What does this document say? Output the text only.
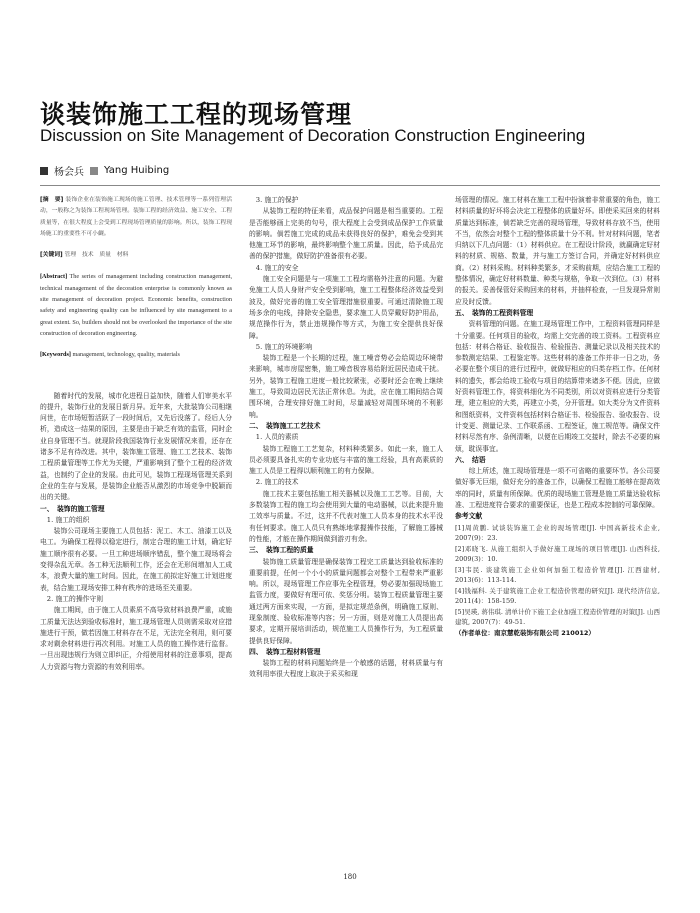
谈装饰施工工程的现场管理
Discussion on Site Management of Decoration Construction Engineering
杨会兵 Yang Huibing
[摘　要] 装饰企业在装饰施工现场的施工管理、技术管理等一系列管理活动，一般称之为装饰工程现场管理。装饰工程的经济效益、施工安全、工程质量等，在很大程度上会受到工程现场管理质量的影响。所以，装饰工程现场施工的重要性不可小觑。
[关键词] 管理　技术　质量　材料
[Abstract] The series of management including construction management, technical management of the decoration enterprise is commonly known as site management of decoration project. Economic benefits, construction safety and engineering quality can be influenced by site management to a great extent. So, builders should not be overlooked the importance of the site construction of decoration engineering.
[Keywords] management, technology, quality, materials
随着时代的发展，城市化进程日益加快，随着人们审美水平的提升，装饰行业的发展日新月异。近年来，大批装饰公司相继问世，在市场短暂活跃了一段时间后，又先后没落了。经后人分析，造成这一结果的原因，主要是由于缺乏有效的监管，同时企业自身管理不当。就现阶段我国装饰行业发展情况来看，还存在诸多不足有待改进。其中，装饰施工管理、施工工艺技术、装饰工程质量管理等工作尤为关键，严重影响到了整个工程的经济效益，也制约了企业的发展。由此可见，装饰工程现场管理关系到企业的生存与发展，是装饰企业能否从激烈的市场竞争中脱颖而出的关键。
一、　装饰的施工管理
1. 施工的组织
装饰公司现场主要施工人员包括：泥工、木工、油漆工以及电工。为确保工程得以稳定进行，制定合理的施工计划，确定好施工顺序很有必要。一旦工种进场顺序错乱，整个施工现场将会变得杂乱无章。各工种无法顺利工作，还会在无形间增加人工成本，浪费大量的施工时间。因此，在施工前拟定好施工计划进度表，结合施工现场安排工种有秩序的进场至关重要。
2. 施工的操作守则
施工期间，由于施工人员素质不高导致材料浪费严重，或施工质量无法达到验收标准时，施工现场管理人员则需采取对应措施进行干预，做若因施工材料存在不足，无法完全利用，则可要求对剩余材料进行再次利用。对施工人员的施工操作进行监督。一旦出现违规行为则立即纠正，介绍使用材料的注意事项，提高人力资源与物力资源的有效利用率。
3. 施工的保护
从装饰工程的特征来看，成品保护问题是相当重要的。工程是否能够画上完美的句号，很大程度上会受到成品保护工作质量的影响。倘若施工完成的成品未获得良好的保护，难免会受到其他施工环节的影响，最终影响整个施工质量。因此，给予成品完善的保护措施，做好防护准备很有必要。
4. 施工的安全
施工安全问题是与一项施工工程均需格外注意的问题。为避免施工人员人身财产安全受到影响，施工工程整体经济效益受到波及，做好完善的施工安全管理措施很重要。可通过清除施工现场多余的电线，排除安全隐患，要求施工人员穿戴好防护用品，规范操作行为，禁止违规操作等方式，为施工安全提供良好保障。
5. 施工的环境影响
装饰工程是一个长期的过程，施工噪音势必会给周边环境带来影响，城市房屋密集，施工噪音极容易给附近居民造成干扰。另外，装饰工程施工进度一般比较紧张，必要时还会在晚上继续施工，导致周边居民无法正常休息。为此，应在施工期间结合周围环境，合理安排好施工时间，尽量减轻对周围环境的不利影响。
二、　装饰施工工艺技术
1. 人员的素质
装饰工程施工工艺复杂，材料种类繁多。如此一来，施工人员必须要具备扎实的专业功底与丰富的施工经验，具有高素质的施工人员是工程得以顺利施工的有力保障。
2. 施工的技术
施工技术主要包括施工相关器械以及施工工艺等。目前，大多数装饰工程的施工均会使用到大量的电动器械，以此来提升施工效率与质量。不过，这并不代表对施工人员本身的技术水平没有任何要求。施工人员只有熟练地掌握操作技能，了解施工器械的性能，才能在操作期间做到游刃有余。
三、　装饰工程的质量
装饰施工质量管理是确保装饰工程完工质量达到验收标准的重要前提，任何一个小小的质量问题都会对整个工程带来严重影响。所以，现场管理工作应事先全程管理，势必要加强现场施工监管力度，要做好有理可依、奖惩分明。装饰工程质量管理主要通过两方面来实现，一方面，是拟定规范条例，明确施工原则、现象制度、验收标准等内容；另一方面，则是对施工人员提出高要求，定期开展培训活动，规范施工人员操作行为，为工程质量提供良好保障。
四、　装饰工程材料管理
装饰工程的材料问题始终是一个敏感的话题，材料质量与有效利用率很大程度上取决于采买和现
场管理的情况。施工材料在施工工程中扮演着非常重要的角色，施工材料质量的好坏将会决定工程整体的质量好坏。即使采买回来的材料质量达到标准，倘若缺乏完善的现场管理，导致材料存放不当，使用不当，依然会对整个工程的整体质量十分不利。针对材料问题，笔者归纳以下几点问题：（1）材料供应。在工程设计阶段，就赢确定好材料的材质、规格、数量，并与施工方签订合同，并确定好材料供应商。（2）材料采购。材料种类繁多，才采购前期，应结合施工工程的整体情况，确定好材料数量、种类与规格，争取一次到位。（3）材料的报关。妥善保管好采购回来的材料，并抽样检查，一旦发现异常则应及时反馈。
五、　装饰的工程资料管理
资料管理的问题。在施工现场管理工作中，工程资料管理同样是十分重要。任何项目的验收，均需上交完善的竣工资料。工程资料应包括：材料合格证、验收报告、检验报告、测量记录以及相关技术的参数测定结果、工程鉴定等。这些材料的准备工作并非一日之功，务必要在整个项目的进行过程中，就做好相应的归类存档工作。任何材料的遗失，都会给竣工验收与项目的结算带来诸多不便。因此，应做好资料管理工作，将资料细化为不同类别，所以对资料应进行分类管理，建立相应的大类，再建立小类，分开管理。如大类分为文件资料和图纸资料，文件资料包括材料合格证书、检验报告、验收报告、设计变更、测量记录、工作联系函、工程签证，施工规范等。确保文件材料尽然有序、条例清晰，以便在后期竣工交接时，除去不必要的麻烦，耽误事宜。
六、　结语
综上所述，施工现场管理是一项不可省略的重要环节。各公司要做好事无巨细，做好充分的准备工作，以确保工程施工能够在提高效率的同时，质量有所保障。优质的现场施工管理是施工质量达验收标准、工程进度符合要求的重要保证，也是工程成本控制的可靠保障。
参考文献
[1]周黄鹏. 试谈装饰施工企业的现场管理[J]. 中国高新技术企业, 2007(9)：23.
[2]邓晓飞. 从施工组织入手做好施工现场的项目管理[J]. 山西科技, 2009(3)：10.
[3]韦民. 谈建筑施工企业如何加强工程造价管理[J]. 江西建材, 2013(6)：113-114.
[4]钱福科. 关于建筑施工企业工程造价管理的研究[J]. 现代经济信息, 2011(4)：158-159.
[5]吴瑛, 蒋伟琪. 清单计价下施工企业加强工程造价管理的对策[J]. 山西建筑, 2007(7)：49-51.
（作者单位：南京慧乾装饰有限公司 210012）
180
